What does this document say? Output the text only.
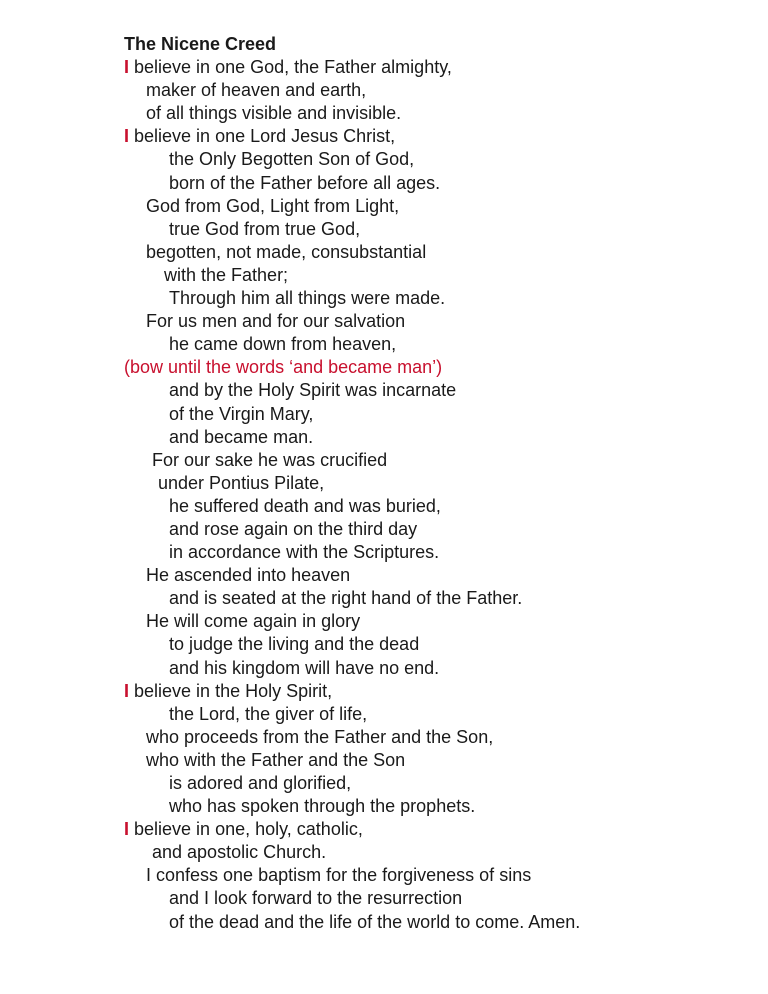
The Nicene Creed
I believe in one God, the Father almighty,
maker of heaven and earth,
of all things visible and invisible.
I believe in one Lord Jesus Christ,
the Only Begotten Son of God,
born of the Father before all ages.
God from God, Light from Light,
true God from true God,
begotten, not made, consubstantial
with the Father;
Through him all things were made.
For us men and for our salvation
he came down from heaven,
(bow until the words ‘and became man’)
and by the Holy Spirit was incarnate
of the Virgin Mary,
and became man.
For our sake he was crucified
under Pontius Pilate,
he suffered death and was buried,
and rose again on the third day
in accordance with the Scriptures.
He ascended into heaven
and is seated at the right hand of the Father.
He will come again in glory
to judge the living and the dead
and his kingdom will have no end.
I believe in the Holy Spirit,
the Lord, the giver of life,
who proceeds from the Father and the Son,
who with the Father and the Son
is adored and glorified,
who has spoken through the prophets.
I believe in one, holy, catholic,
and apostolic Church.
I confess one baptism for the forgiveness of sins
and I look forward to the resurrection
of the dead and the life of the world to come. Amen.
